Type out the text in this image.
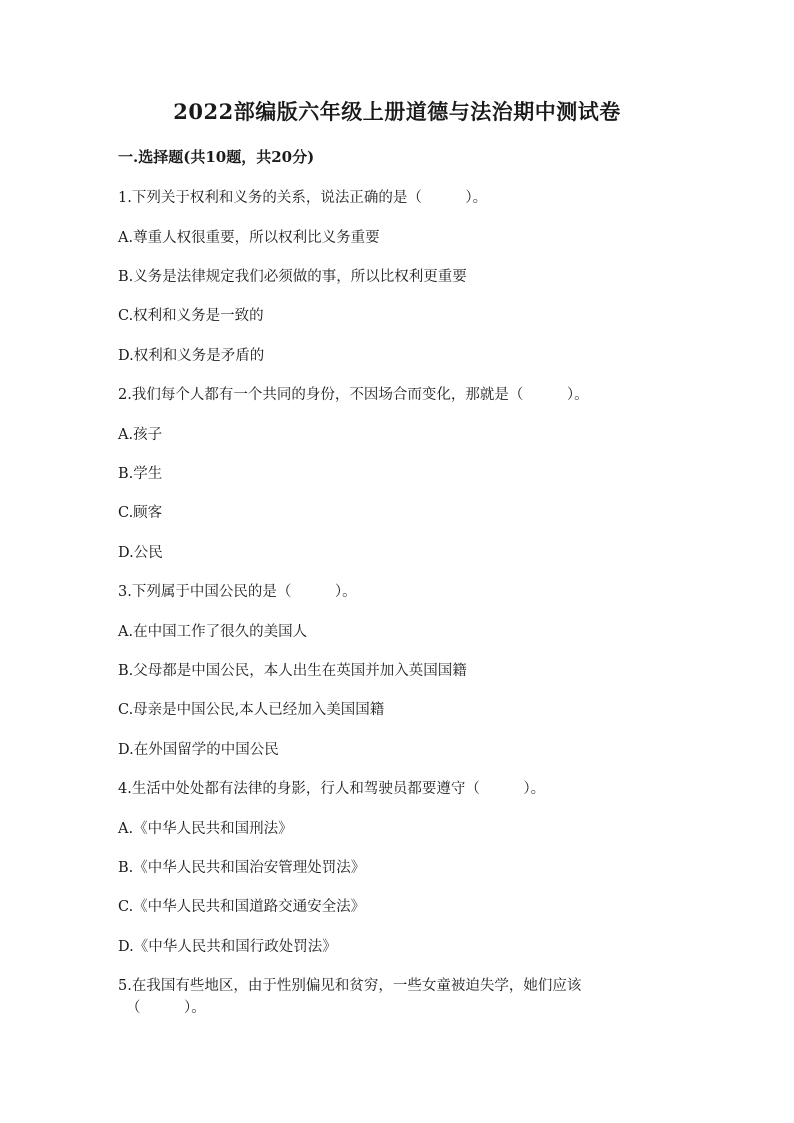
2022部编版六年级上册道德与法治期中测试卷
一.选择题(共10题，共20分)
1.下列关于权利和义务的关系，说法正确的是（　　　）。
A.尊重人权很重要，所以权利比义务重要
B.义务是法律规定我们必须做的事，所以比权利更重要
C.权利和义务是一致的
D.权利和义务是矛盾的
2.我们每个人都有一个共同的身份，不因场合而变化，那就是（　　　）。
A.孩子
B.学生
C.顾客
D.公民
3.下列属于中国公民的是（　　　）。
A.在中国工作了很久的美国人
B.父母都是中国公民，本人出生在英国并加入英国国籍
C.母亲是中国公民,本人已经加入美国国籍
D.在外国留学的中国公民
4.生活中处处都有法律的身影，行人和驾驶员都要遵守（　　　）。
A.《中华人民共和国刑法》
B.《中华人民共和国治安管理处罚法》
C.《中华人民共和国道路交通安全法》
D.《中华人民共和国行政处罚法》
5.在我国有些地区，由于性别偏见和贫穷，一些女童被迫失学，她们应该
（　　　）。
